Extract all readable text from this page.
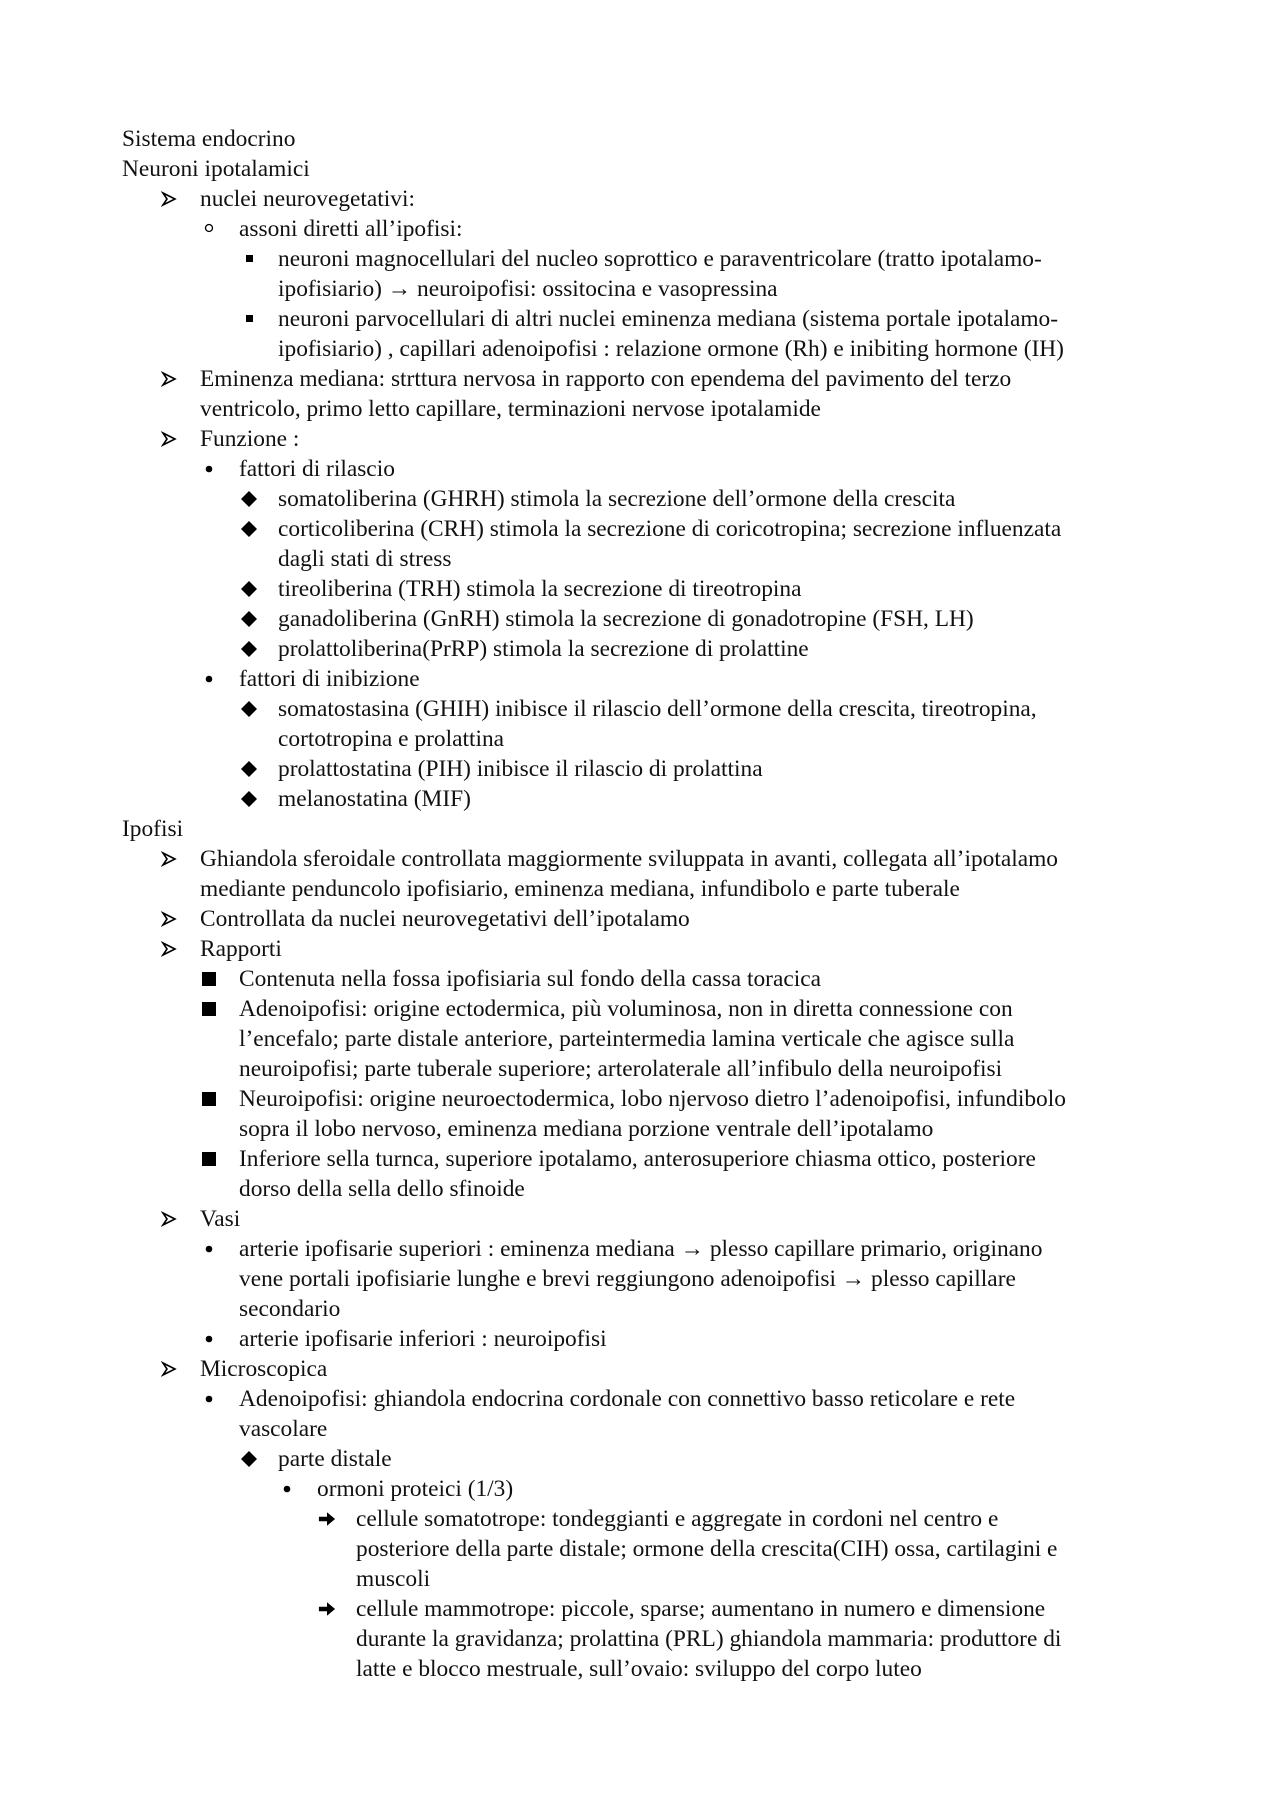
Sistema endocrino
Neuroni ipotalamici
nuclei neurovegetativi:
assoni diretti all’ipofisi:
neuroni magnocellulari del nucleo soprottico e paraventricolare (tratto ipotalamo-
ipofisiario) → neuroipofisi: ossitocina e vasopressina
neuroni parvocellulari di altri nuclei eminenza mediana (sistema portale ipotalamo-
ipofisiario) , capillari adenoipofisi : relazione ormone (Rh) e inibiting hormone (IH)
Eminenza mediana: strttura nervosa in rapporto con ependema del pavimento del terzo
ventricolo, primo letto capillare, terminazioni nervose ipotalamide
Funzione :
fattori di rilascio
somatoliberina (GHRH) stimola la secrezione dell’ormone della crescita
corticoliberina (CRH) stimola la secrezione di coricotropina; secrezione influenzata
dagli stati di stress
tireoliberina (TRH) stimola la secrezione di tireotropina
ganadoliberina (GnRH) stimola la secrezione di gonadotropine (FSH, LH)
prolattoliberina(PrRP) stimola la secrezione di prolattine
fattori di inibizione
somatostasina (GHIH) inibisce il rilascio dell’ormone della crescita, tireotropina,
cortotropina e prolattina
prolattostatina (PIH) inibisce il rilascio di prolattina
melanostatina (MIF)
Ipofisi
Ghiandola sferoidale controllata maggiormente sviluppata in avanti, collegata all’ipotalamo
mediante penduncolo ipofisiario, eminenza mediana, infundibolo e parte tuberale
Controllata da nuclei neurovegetativi dell’ipotalamo
Rapporti
Contenuta nella fossa ipofisiaria sul fondo della cassa toracica
Adenoipofisi: origine ectodermica, più voluminosa, non in diretta connessione con
l’encefalo; parte distale anteriore, parteintermedia lamina verticale che agisce sulla
neuroipofisi; parte tuberale superiore; arterolaterale all’infibulo della neuroipofisi
Neuroipofisi: origine neuroectodermica, lobo njervoso dietro l’adenoipofisi, infundibolo
sopra il lobo nervoso, eminenza mediana porzione ventrale dell’ipotalamo
Inferiore sella turnca, superiore ipotalamo, anterosuperiore chiasma ottico, posteriore
dorso della sella dello sfinoide
Vasi
arterie ipofisarie superiori : eminenza mediana → plesso capillare primario, originano
vene portali ipofisiarie lunghe e brevi reggiungono adenoipofisi → plesso capillare
secondario
arterie ipofisarie inferiori : neuroipofisi
Microscopica
Adenoipofisi: ghiandola endocrina cordonale con connettivo basso reticolare e rete
vascolare
parte distale
ormoni proteici (1/3)
cellule somatotrope: tondeggianti e aggregate in cordoni nel centro e
posteriore della parte distale; ormone della crescita(CIH) ossa, cartilagini e
muscoli
cellule mammotrope: piccole, sparse; aumentano in numero e dimensione
durante la gravidanza; prolattina (PRL) ghiandola mammaria: produttore di
latte e blocco mestruale, sull’ovaio: sviluppo del corpo luteo
